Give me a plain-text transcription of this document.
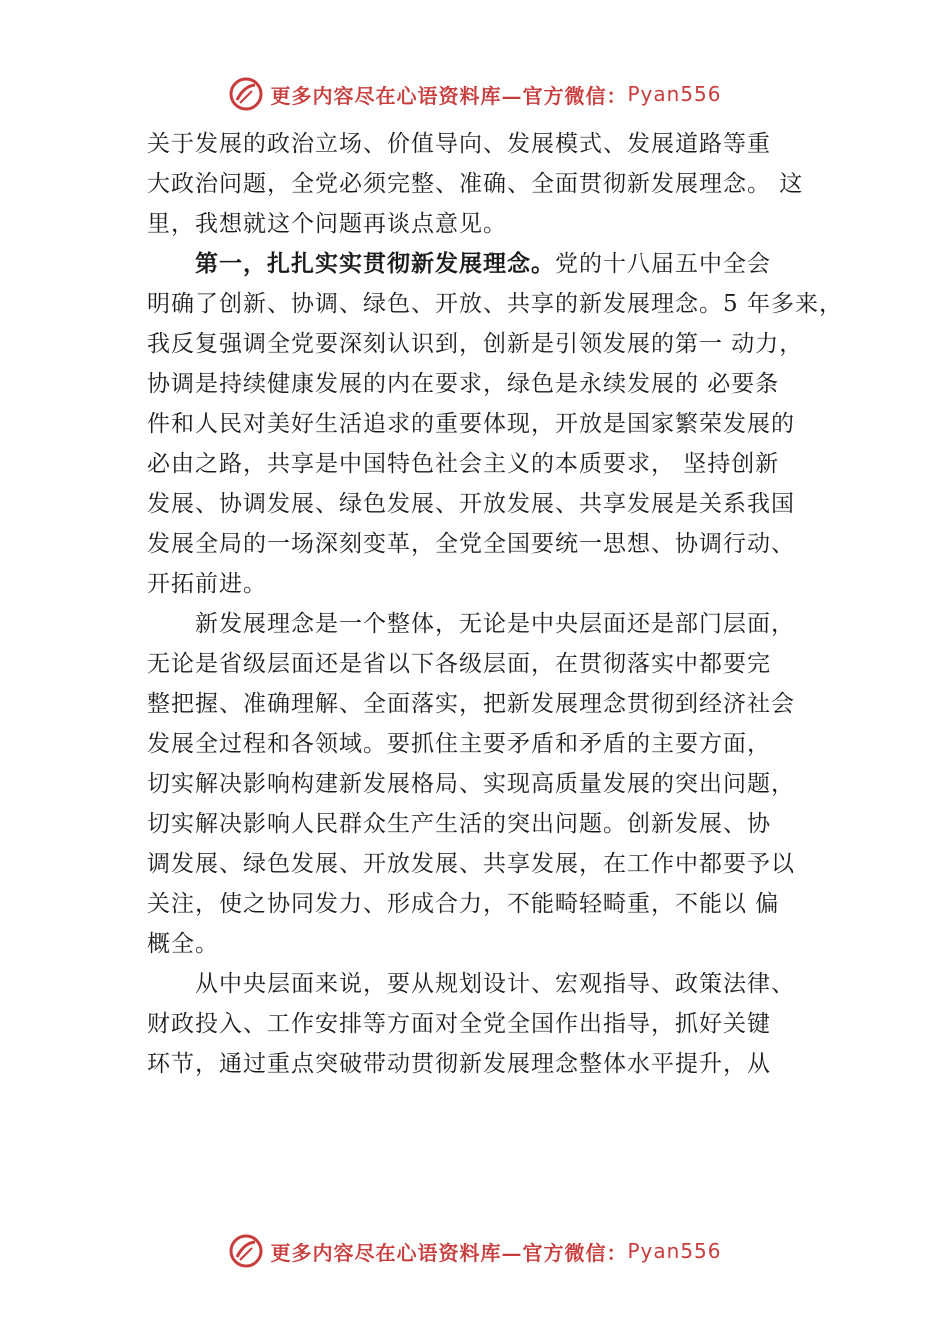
更多内容尽在心语资料库—官方微信： Pyan556
关于发展的政治立场、价值导向、发展模式、发展道路等重
大政治问题，全党必须完整、准确、全面贯彻新发展理念。 这
里，我想就这个问题再谈点意见。
第一，扎扎实实贯彻新发展理念。党的十八届五中全会
明确了创新、协调、绿色、开放、共享的新发展理念。5 年多来，
我反复强调全党要深刻认识到，创新是引领发展的第一 动力，
协调是持续健康发展的内在要求，绿色是永续发展的 必要条
件和人民对美好生活追求的重要体现，开放是国家繁荣发展的
必由之路，共享是中国特色社会主义的本质要求， 坚持创新
发展、协调发展、绿色发展、开放发展、共享发展是关系我国
发展全局的一场深刻变革，全党全国要统一思想、协调行动、
开拓前进。
新发展理念是一个整体，无论是中央层面还是部门层面，
无论是省级层面还是省以下各级层面，在贯彻落实中都要完
整把握、准确理解、全面落实，把新发展理念贯彻到经济社会
发展全过程和各领域。要抓住主要矛盾和矛盾的主要方面，
切实解决影响构建新发展格局、实现高质量发展的突出问题，
切实解决影响人民群众生产生活的突出问题。创新发展、协
调发展、绿色发展、开放发展、共享发展，在工作中都要予以
关注，使之协同发力、形成合力，不能畸轻畸重，不能以 偏
概全。
从中央层面来说，要从规划设计、宏观指导、政策法律、
财政投入、工作安排等方面对全党全国作出指导，抓好关键
环节，通过重点突破带动贯彻新发展理念整体水平提升，从
更多内容尽在心语资料库—官方微信： Pyan556
